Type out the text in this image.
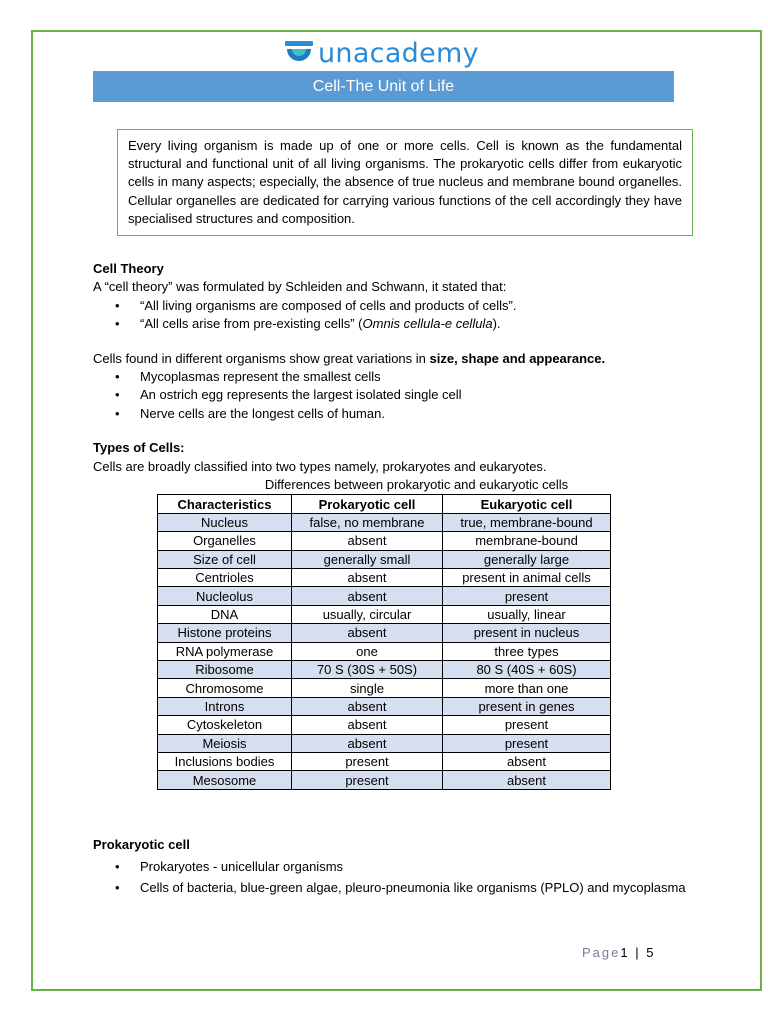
unacademy
Cell-The Unit of Life
Every living organism is made up of one or more cells. Cell is known as the fundamental structural and functional unit of all living organisms. The prokaryotic cells differ from eukaryotic cells in many aspects; especially, the absence of true nucleus and membrane bound organelles. Cellular organelles are dedicated for carrying various functions of the cell accordingly they have specialised structures and composition.
Cell Theory
A “cell theory” was formulated by Schleiden and Schwann, it stated that:
• “All living organisms are composed of cells and products of cells”.
• “All cells arise from pre-existing cells” (Omnis cellula-e cellula).
Cells found in different organisms show great variations in size, shape and appearance.
• Mycoplasmas represent the smallest cells
• An ostrich egg represents the largest isolated single cell
• Nerve cells are the longest cells of human.
Types of Cells:
Cells are broadly classified into two types namely, prokaryotes and eukaryotes.
Differences between prokaryotic and eukaryotic cells
Characteristics	Prokaryotic cell	Eukaryotic cell
Nucleus	false, no membrane	true, membrane-bound
Organelles	absent	membrane-bound
Size of cell	generally small	generally large
Centrioles	absent	present in animal cells
Nucleolus	absent	present
DNA	usually, circular	usually, linear
Histone proteins	absent	present in nucleus
RNA polymerase	one	three types
Ribosome	70 S (30S + 50S)	80 S (40S + 60S)
Chromosome	single	more than one
Introns	absent	present in genes
Cytoskeleton	absent	present
Meiosis	absent	present
Inclusions bodies	present	absent
Mesosome	present	absent
Prokaryotic cell
• Prokaryotes - unicellular organisms
• Cells of bacteria, blue-green algae, pleuro-pneumonia like organisms (PPLO) and mycoplasma
Page1 | 5
